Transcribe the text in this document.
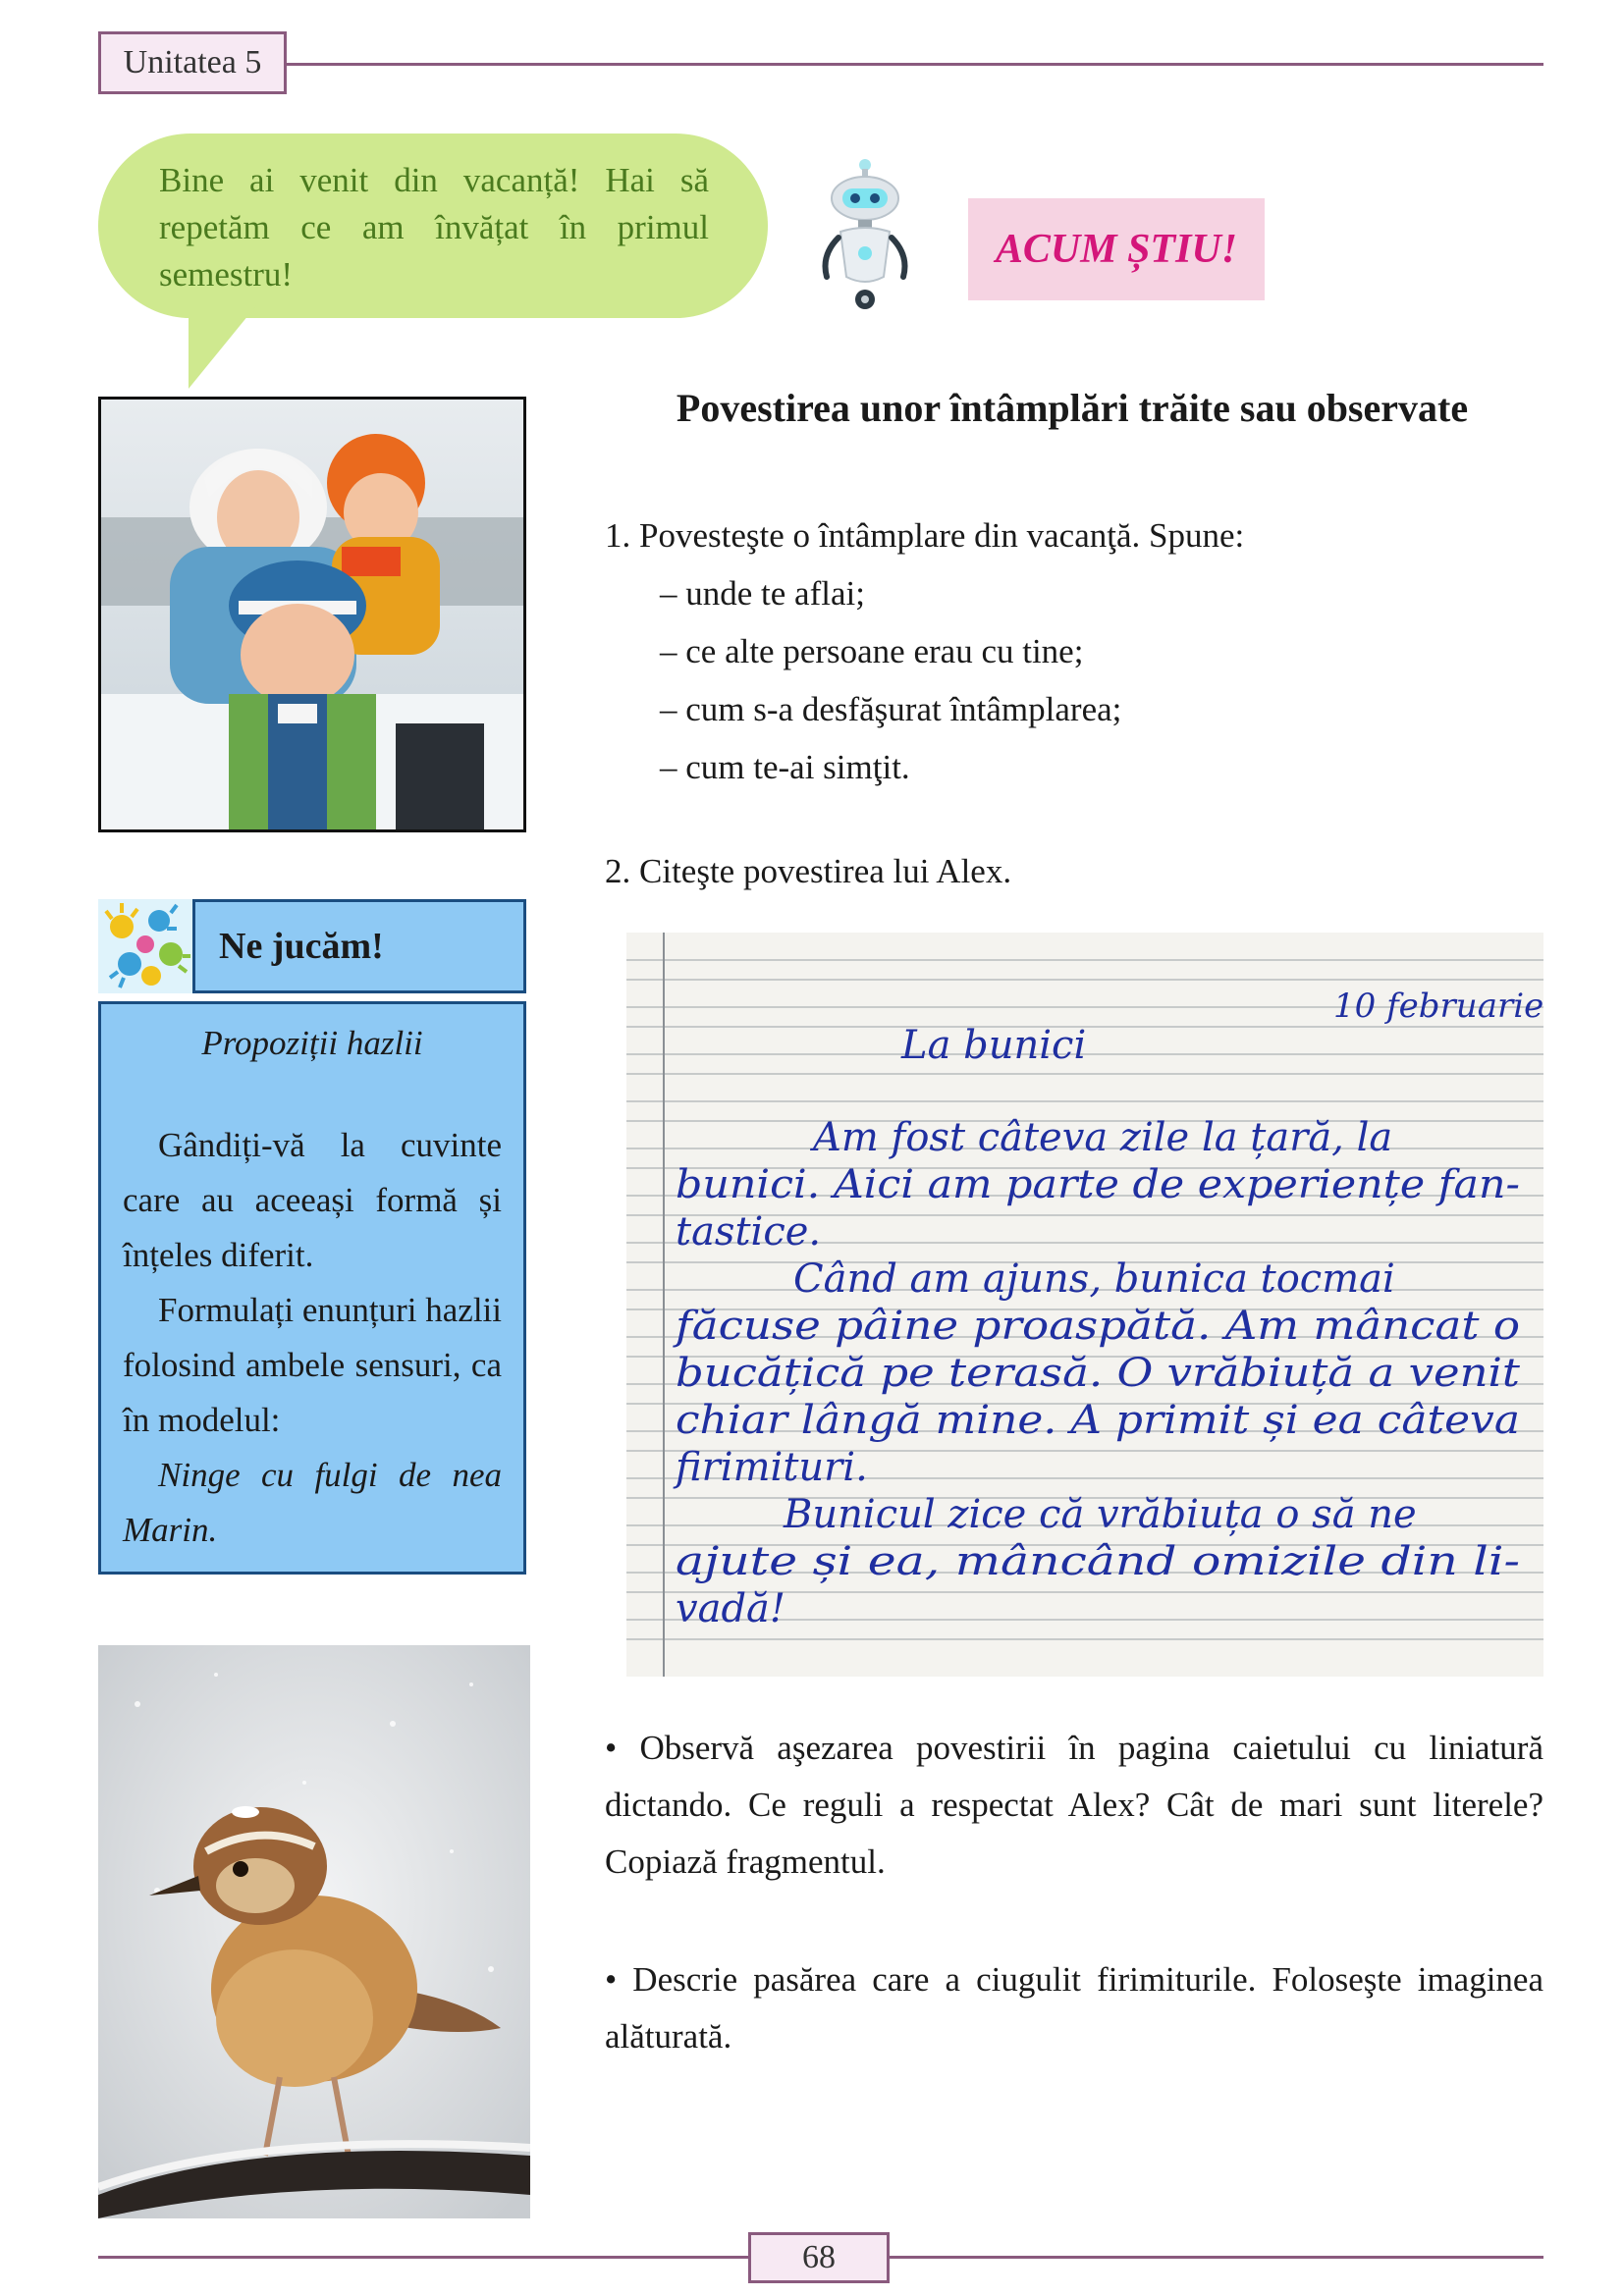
Unitatea 5
Bine ai venit din vacanță! Hai să repetăm ce am învățat în primul semestru!
ACUM ȘTIU!
Povestirea unor întâmplări trăite sau observate
1. Povesteşte o întâmplare din vacanţă. Spune:
– unde te aflai;
– ce alte persoane erau cu tine;
– cum s-a desfăşurat întâmplarea;
– cum te-ai simţit.
2. Citeşte povestirea lui Alex.
Ne jucăm!
Propoziții hazlii

Gândiți-vă la cuvinte care au aceeași formă și înțeles diferit.

Formulați enunțuri hazlii folosind ambele sensuri, ca în modelul:

Ninge cu fulgi de nea Marin.

10 februarie
La bunici
Am fost câteva zile la țară, la
bunici. Aici am parte de experiențe fan-
tastice.
Când am ajuns, bunica tocmai
făcuse pâine proaspătă. Am mâncat o
bucățică pe terasă. O vrăbiuță a venit
chiar lângă mine. A primit și ea câteva
firimituri.
Bunicul zice că vrăbiuța o să ne
ajute și ea, mâncând omizile din li-
vadă!
• Observă aşezarea povestirii în pagina caietului cu liniatură dictando. Ce reguli a respectat Alex? Cât de mari sunt literele? Copiază fragmentul.
• Descrie pasărea care a ciugulit firimiturile. Foloseşte imaginea alăturată.
68
